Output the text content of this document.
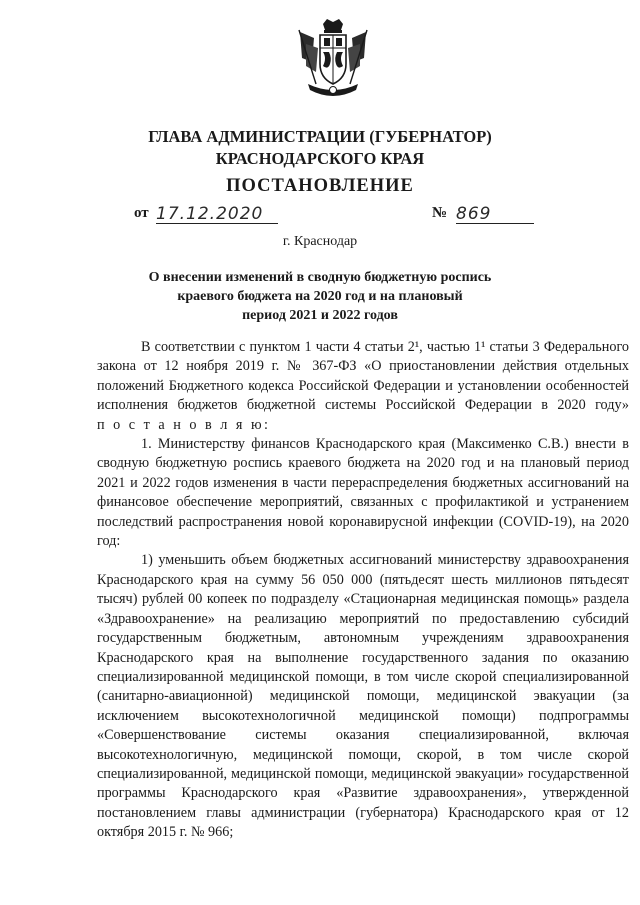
ГЛАВА АДМИНИСТРАЦИИ (ГУБЕРНАТОР)
КРАСНОДАРСКОГО КРАЯ
ПОСТАНОВЛЕНИЕ
от 17.12.2020	№ 869
г. Краснодар
О внесении изменений в сводную бюджетную роспись
краевого бюджета на 2020 год и на плановый
период 2021 и 2022 годов

В соответствии с пунктом 1 части 4 статьи 2¹, частью 1¹ статьи 3 Федерального закона от 12 ноября 2019 г. № 367-ФЗ «О приостановлении действия отдельных положений Бюджетного кодекса Российской Федерации и установлении особенностей исполнения бюджетов бюджетной системы Российской Федерации в 2020 году»

п о с т а н о в л я ю:

1. Министерству финансов Краснодарского края (Максименко С.В.) внести в сводную бюджетную роспись краевого бюджета на 2020 год и на плановый период 2021 и 2022 годов изменения в части перераспределения бюджетных ассигнований на финансовое обеспечение мероприятий, связанных с профилактикой и устранением последствий распространения новой коронавирусной инфекции (COVID-19), на 2020 год:

1) уменьшить объем бюджетных ассигнований министерству здравоохранения Краснодарского края на сумму 56 050 000 (пятьдесят шесть миллионов пятьдесят тысяч) рублей 00 копеек по подразделу «Стационарная медицинская помощь» раздела «Здравоохранение» на реализацию мероприятий по предоставлению субсидий государственным бюджетным, автономным учреждениям здравоохранения Краснодарского края на выполнение государственного задания по оказанию специализированной медицинской помощи, в том числе скорой специализированной (санитарно-авиационной) медицинской помощи, медицинской эвакуации (за исключением высокотехнологичной медицинской помощи) подпрограммы «Совершенствование системы оказания специализированной, включая высокотехнологичную, медицинской помощи, скорой, в том числе скорой специализированной, медицинской помощи, медицинской эвакуации» государственной программы Краснодарского края «Развитие здравоохранения», утвержденной постановлением главы администрации (губернатора) Краснодарского края от 12 октября 2015 г. № 966;
